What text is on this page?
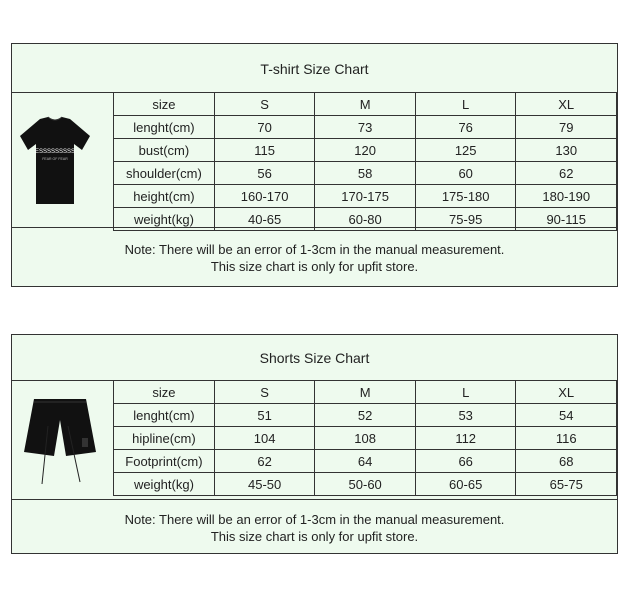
T-shirt Size Chart
ESSSSSSSSS
FEAR OF FEAR
size	S	M	L	XL
lenght(cm)	70	73	76	79
bust(cm)	115	120	125	130
shoulder(cm)	56	58	60	62
height(cm)	160-170	170-175	175-180	180-190
weight(kg)	40-65	60-80	75-95	90-115
Note: There will be an error of 1-3cm in the manual measurement.
This size chart is only for upfit store.
Shorts Size Chart
size	S	M	L	XL
lenght(cm)	51	52	53	54
hipline(cm)	104	108	112	116
Footprint(cm)	62	64	66	68
weight(kg)	45-50	50-60	60-65	65-75
Note: There will be an error of 1-3cm in the manual measurement.
This size chart is only for upfit store.
